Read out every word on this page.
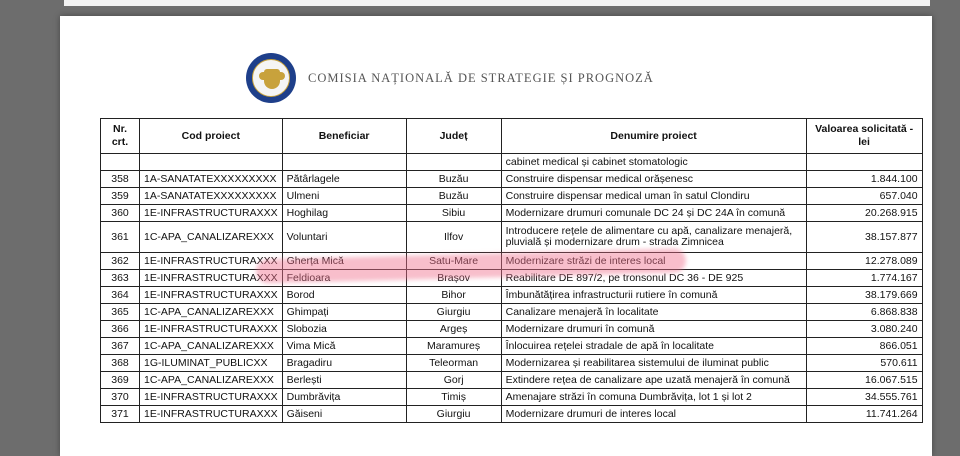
COMISIA NAȚIONALĂ DE STRATEGIE ȘI PROGNOZĂ
Nr. crt.	Cod proiect	Beneficiar	Județ	Denumire proiect	Valoarea solicitată - lei
				cabinet medical și cabinet stomatologic	
358	1A-SANATATEXXXXXXXXX	Pătârlagele	Buzău	Construire dispensar medical orășenesc	1.844.100
359	1A-SANATATEXXXXXXXXX	Ulmeni	Buzău	Construire dispensar medical uman în satul Clondiru	657.040
360	1E-INFRASTRUCTURAXXX	Hoghilag	Sibiu	Modernizare drumuri comunale DC 24 și DC 24A în comună	20.268.915
361	1C-APA_CANALIZAREXXX	Voluntari	Ilfov	Introducere rețele de alimentare cu apă, canalizare menajeră, pluvială și modernizare drum - strada Zimnicea	38.157.877
362	1E-INFRASTRUCTURAXXX	Gherța Mică	Satu-Mare	Modernizare străzi de interes local	12.278.089
363	1E-INFRASTRUCTURAXXX	Feldioara	Brașov	Reabilitare DE 897/2, pe tronsonul DC 36 - DE 925	1.774.167
364	1E-INFRASTRUCTURAXXX	Borod	Bihor	Îmbunătățirea infrastructurii rutiere în comună	38.179.669
365	1C-APA_CANALIZAREXXX	Ghimpați	Giurgiu	Canalizare menajeră în localitate	6.868.838
366	1E-INFRASTRUCTURAXXX	Slobozia	Argeș	Modernizare drumuri în comună	3.080.240
367	1C-APA_CANALIZAREXXX	Vima Mică	Maramureș	Înlocuirea rețelei stradale de apă în localitate	866.051
368	1G-ILUMINAT_PUBLICXX	Bragadiru	Teleorman	Modernizarea și reabilitarea sistemului de iluminat public	570.611
369	1C-APA_CANALIZAREXXX	Berlești	Gorj	Extindere rețea de canalizare ape uzată menajeră în comună	16.067.515
370	1E-INFRASTRUCTURAXXX	Dumbrăvița	Timiș	Amenajare străzi în comuna Dumbrăvița, lot 1 și lot 2	34.555.761
371	1E-INFRASTRUCTURAXXX	Găiseni	Giurgiu	Modernizare drumuri de interes local	11.741.264
